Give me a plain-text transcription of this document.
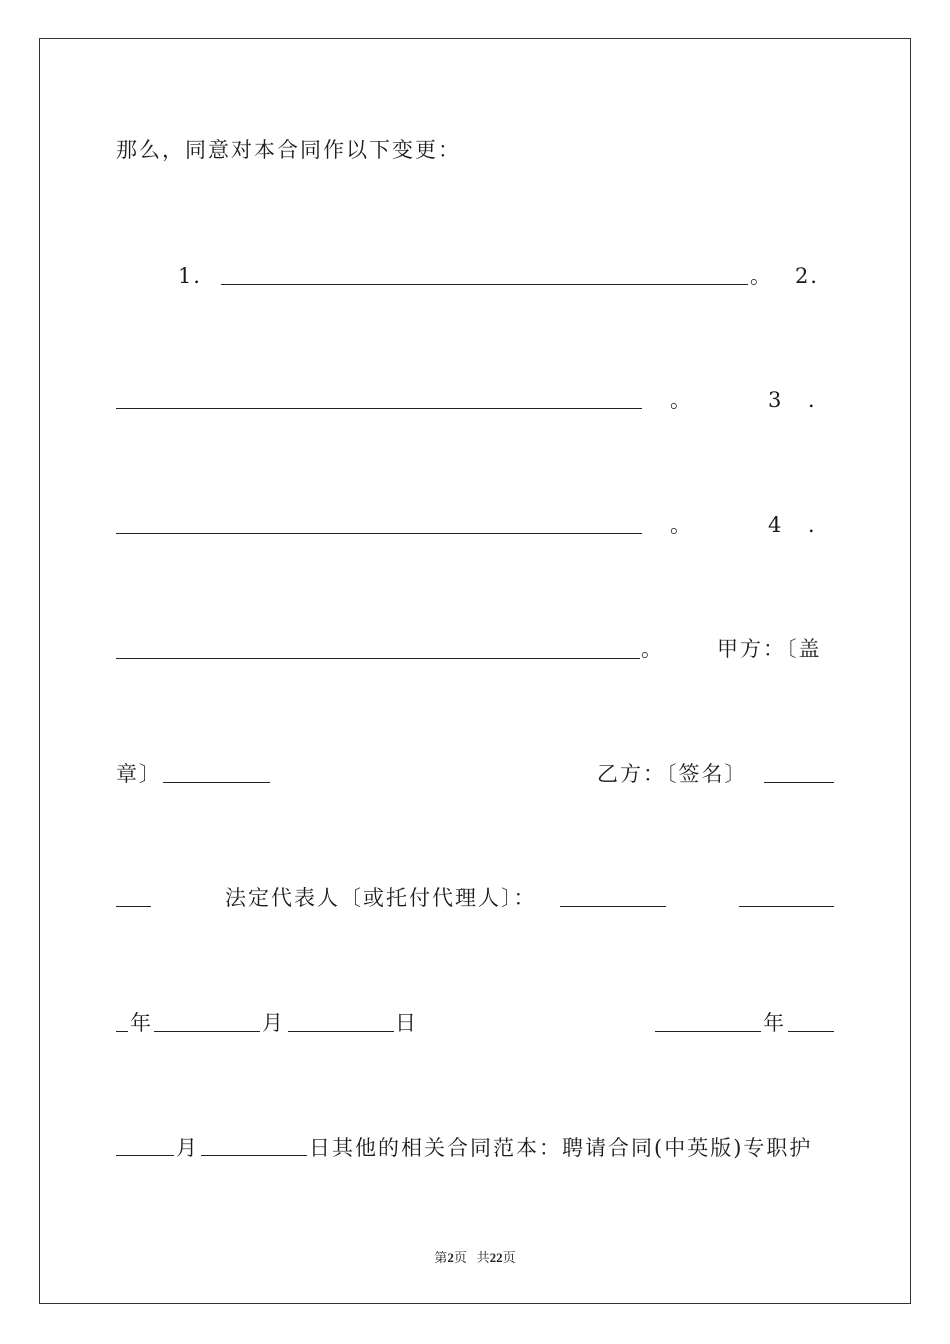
那么，同意对本合同作以下变更：
1．	。 2．
。	3 ．
。	4 ．
。	甲方：〔盖
章〕	乙方：〔签名〕
法定代表人〔或托付代理人〕：
年	月	日	年
月	日其他的相关合同范本：聘请合同(中英版)专职护
第2页 共22页
